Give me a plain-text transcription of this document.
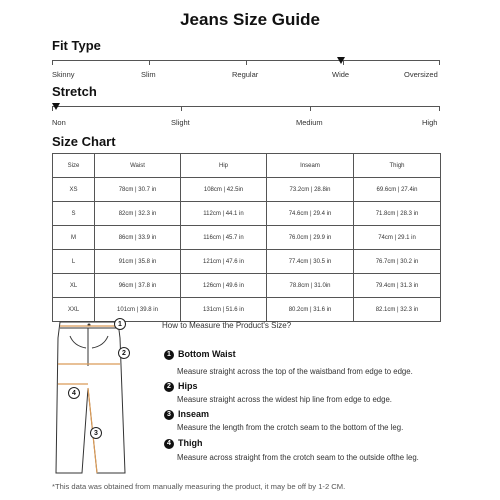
Jeans Size Guide
Fit Type
Skinny	Slim	Regular	Wide	Oversized
Stretch
Non	Slight	Medium	High
Size Chart
Size	Waist	Hip	Inseam	Thigh
XS	78cm | 30.7 in	108cm | 42.5in	73.2cm | 28.8in	69.6cm | 27.4in
S	82cm | 32.3 in	112cm | 44.1 in	74.6cm | 29.4 in	71.8cm | 28.3 in
M	86cm | 33.9 in	116cm | 45.7 in	76.0cm | 29.9 in	74cm | 29.1 in
L	91cm | 35.8 in	121cm | 47.6 in	77.4cm | 30.5 in	76.7cm | 30.2 in
XL	96cm | 37.8 in	126cm | 49.6 in	78.8cm | 31.0in	79.4cm | 31.3 in
XXL	101cm | 39.8 in	131cm | 51.6 in	80.2cm | 31.6 in	82.1cm | 32.3 in
1
2
4
3
How to Measure the Product's Size?
1 Bottom Waist
Measure straight across the top of the waistband from edge to edge.
2 Hips
Measure straight across the widest hip line from edge to edge.
3 Inseam
Measure the length from the crotch seam to the bottom of the leg.
4 Thigh
Measure across straight from the crotch seam to the outside ofthe leg.
*This data was obtained from manually measuring the product, it may be off by 1-2 CM.
